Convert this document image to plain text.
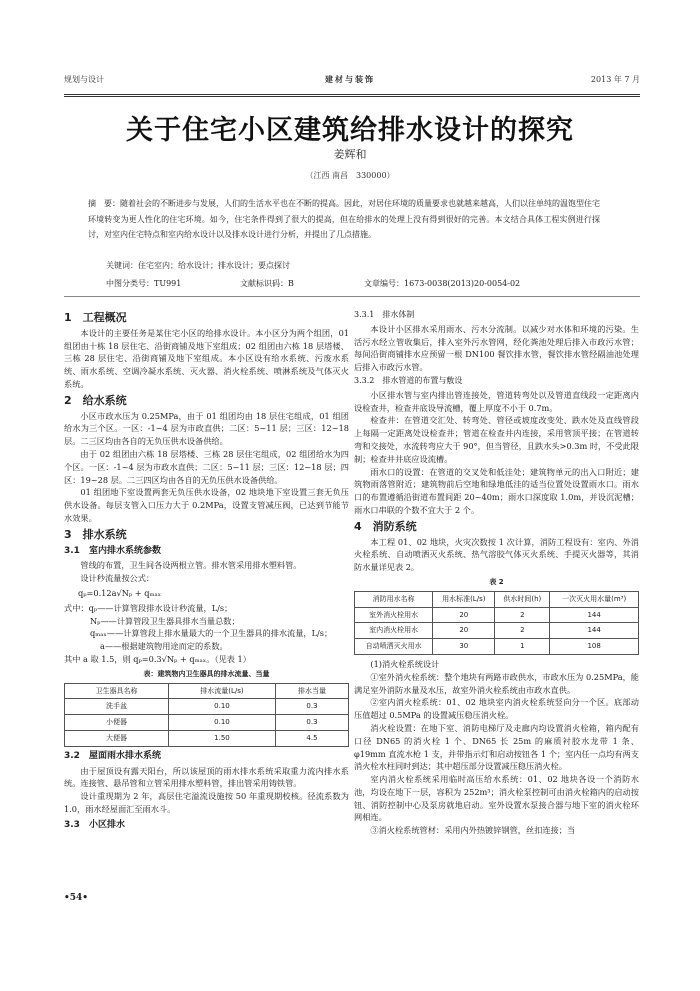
规划与设计	建材与装饰	2013 年 7 月
关于住宅小区建筑给排水设计的探究
姜辉和
（江西 南昌　330000）
摘　要：随着社会的不断进步与发展，人们的生活水平也在不断的提高。因此，对居住环境的质量要求也就越来越高，人们以往单纯的温饱型住宅环境转变为更人性化的住宅环境。如今，住宅条件得到了很大的提高，但在给排水的处理上没有得到很好的完善。本文结合具体工程实例进行探讨，对室内住宅特点和室内给水设计以及排水设计进行分析，并提出了几点措施。
关键词：住宅室内；给水设计；排水设计；要点探讨
中图分类号：TU991	文献标识码：B	文章编号：1673-0038(2013)20-0054-02
1　工程概况

本设计的主要任务是某住宅小区的给排水设计。本小区分为两个组团，01 组团由十栋 18 层住宅、沿街商铺及地下室组成；02 组团由六栋 18 层塔楼、三栋 28 层住宅、沿街商铺及地下室组成。本小区设有给水系统、污废水系统、雨水系统、空调冷凝水系统、灭火器、消火栓系统、喷淋系统及气体灭火系统。

2　给水系统

小区市政水压为 0.25MPa，由于 01 组团均由 18 层住宅组成，01 组团给水为三个区。一区：-1~4 层为市政直供；二区：5~11 层；三区：12~18 层。二三区均由各自的无负压供水设备供给。

由于 02 组团由六栋 18 层塔楼、三栋 28 层住宅组成，02 组团给水为四个区。一区：-1~4 层为市政水直供；二区：5~11 层；三区：12~18 层；四区：19~28 层。二三四区均由各自的无负压供水设备供给。

01 组团地下室设置两套无负压供水设备，02 地块地下室设置三套无负压供水设备。每层支管入口压力大于 0.2MPa，设置支管减压阀，已达到节能节水效果。

3　排水系统
3.1　室内排水系统参数

管线的布置，卫生间各设两根立管。排水管采用排水塑料管。

设计秒流量按公式：

qₚ=0.12a√Nₚ + qₘₐₓ

式中：qₚ——计算管段排水设计秒流量，L/s；

Nₚ——计算管段卫生器具排水当量总数；

qₘₐₓ——计算管段上排水量最大的一个卫生器具的排水流量，L/s；

a——根据建筑物用途而定的系数。

其中 a 取 1.5，则 qₚ=0.3√Nₚ + qₘₐₓ。（见表 1）

表：建筑物内卫生器具的排水流量、当量
卫生器具名称	排水流量(L/s)	排水当量
洗手盆	0.10	0.3
小便器	0.10	0.3
大便器	1.50	4.5
3.2　屋面雨水排水系统

由于屋顶设有露天阳台，所以该屋顶的雨水排水系统采取重力流内排水系统。连接管、悬吊管和立管采用排水塑料管，排出管采用铸铁管。

设计重现期为 2 年，高层住宅溢流设施按 50 年重现期校核。径流系数为 1.0，雨水经屋面汇至雨水斗。

3.3　小区排水
3.3.1　排水体制

本设计小区排水采用雨水、污水分流制。以减少对水体和环境的污染。生活污水经立管收集后，排入室外污水管网，经化粪池处理后排入市政污水管；每间沿街商铺排水应预留一根 DN100 餐饮排水管，餐饮排水管经隔油池处理后排入市政污水管。

3.3.2　排水管道的布置与敷设

小区排水管与室内排出管连接处，管道转弯处以及管道直线段一定距离内设检查井，检查井底设导流槽，覆上厚度不小于 0.7m。

检查井：在管道交汇处、转弯处、管径或坡度改变处、跌水处及直线管段上每隔一定距离处设检查井；管道在检查井内连接，采用管顶平接；在管道转弯和交接处，水流转弯应大于 90°，但当管径，且跌水头>0.3m 时，不受此限制；检查井井底应设流槽。

雨水口的设置：在管道的交叉处和低洼处；建筑物单元的出入口附近；建筑物雨落管附近；建筑物前后空地和绿地低洼的适当位置处设置雨水口。雨水口的布置遵循沿街道布置间距 20~40m；雨水口深度取 1.0m，并设沉泥槽；雨水口串联的个数不宜大于 2 个。

4　消防系统

本工程 01、02 地块，火灾次数按 1 次计算，消防工程设有：室内、外消火栓系统、自动喷洒灭火系统、热气溶胶气体灭火系统、手提灭火器等，其消防水量详见表 2。

表 2
消防用水名称	用水标准(L/s)	供水时间(h)	一次灭火用水量(m³)
室外消火栓用水	20	2	144
室内消火栓用水	20	2	144
自动喷洒灭火用水	30	1	108

(1)消火栓系统设计

①室外消火栓系统：整个地块有两路市政供水，市政水压为 0.25MPa，能满足室外消防水量及水压，故室外消火栓系统由市政水直供。

②室内消火栓系统：01、02 地块室内消火栓系统竖向分一个区。底部动压值超过 0.5MPa 的设置减压稳压消火栓。

消火栓设置：在地下室、消防电梯厅及走廊内均设置消火栓箱，箱内配有口径 DN65 的消火栓 1 个、DN65 长 25m 的麻质衬胶水龙带 1 条、φ19mm 直流水枪 1 支，并带指示灯和启动按钮各 1 个；室内任一点均有两支消火栓水柱同时到达；其中超压部分设置减压稳压消火栓。

室内消火栓系统采用临时高压给水系统：01、02 地块各设一个消防水池，均设在地下一层，容积为 252m³；消火栓泵控制可由消火栓箱内的启动按钮、消防控制中心及泵房就地启动。室外设置水泵接合器与地下室的消火栓环网相连。

③消火栓系统管材：采用内外热镀锌钢管，丝扣连接；当

•54•
